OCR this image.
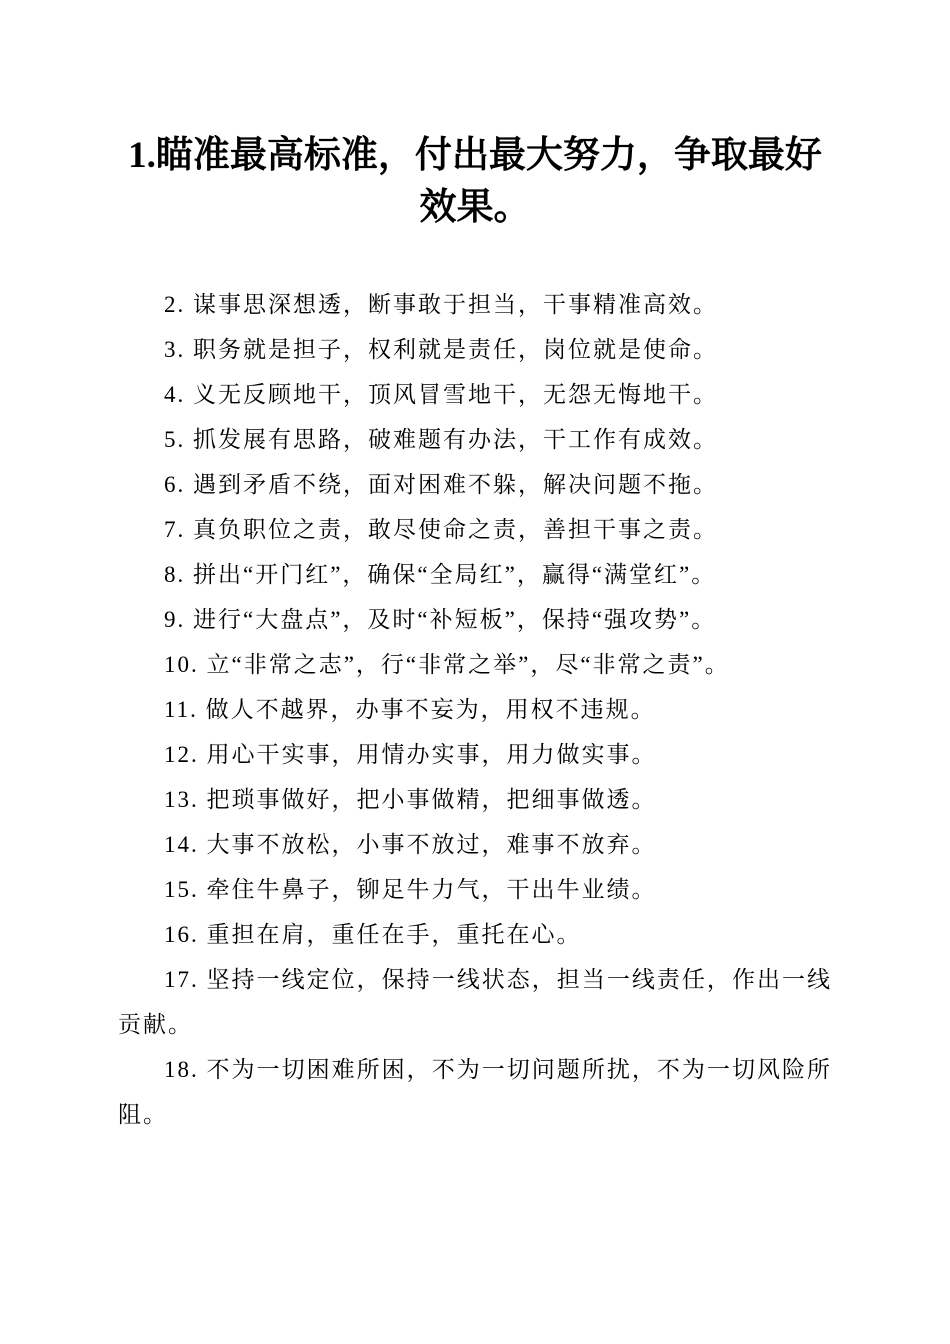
1.瞄准最高标准，付出最大努力，争取最好效果。

2. 谋事思深想透，断事敢于担当，干事精准高效。

3. 职务就是担子，权利就是责任，岗位就是使命。

4. 义无反顾地干，顶风冒雪地干，无怨无悔地干。

5. 抓发展有思路，破难题有办法，干工作有成效。

6. 遇到矛盾不绕，面对困难不躲，解决问题不拖。

7. 真负职位之责，敢尽使命之责，善担干事之责。

8. 拼出“开门红”，确保“全局红”，赢得“满堂红”。

9. 进行“大盘点”，及时“补短板”，保持“强攻势”。

10. 立“非常之志”，行“非常之举”，尽“非常之责”。

11. 做人不越界，办事不妄为，用权不违规。

12. 用心干实事，用情办实事，用力做实事。

13. 把琐事做好，把小事做精，把细事做透。

14. 大事不放松，小事不放过，难事不放弃。

15. 牵住牛鼻子，铆足牛力气，干出牛业绩。

16. 重担在肩，重任在手，重托在心。

17. 坚持一线定位，保持一线状态，担当一线责任，作出一线贡献。

18. 不为一切困难所困，不为一切问题所扰，不为一切风险所阻。
